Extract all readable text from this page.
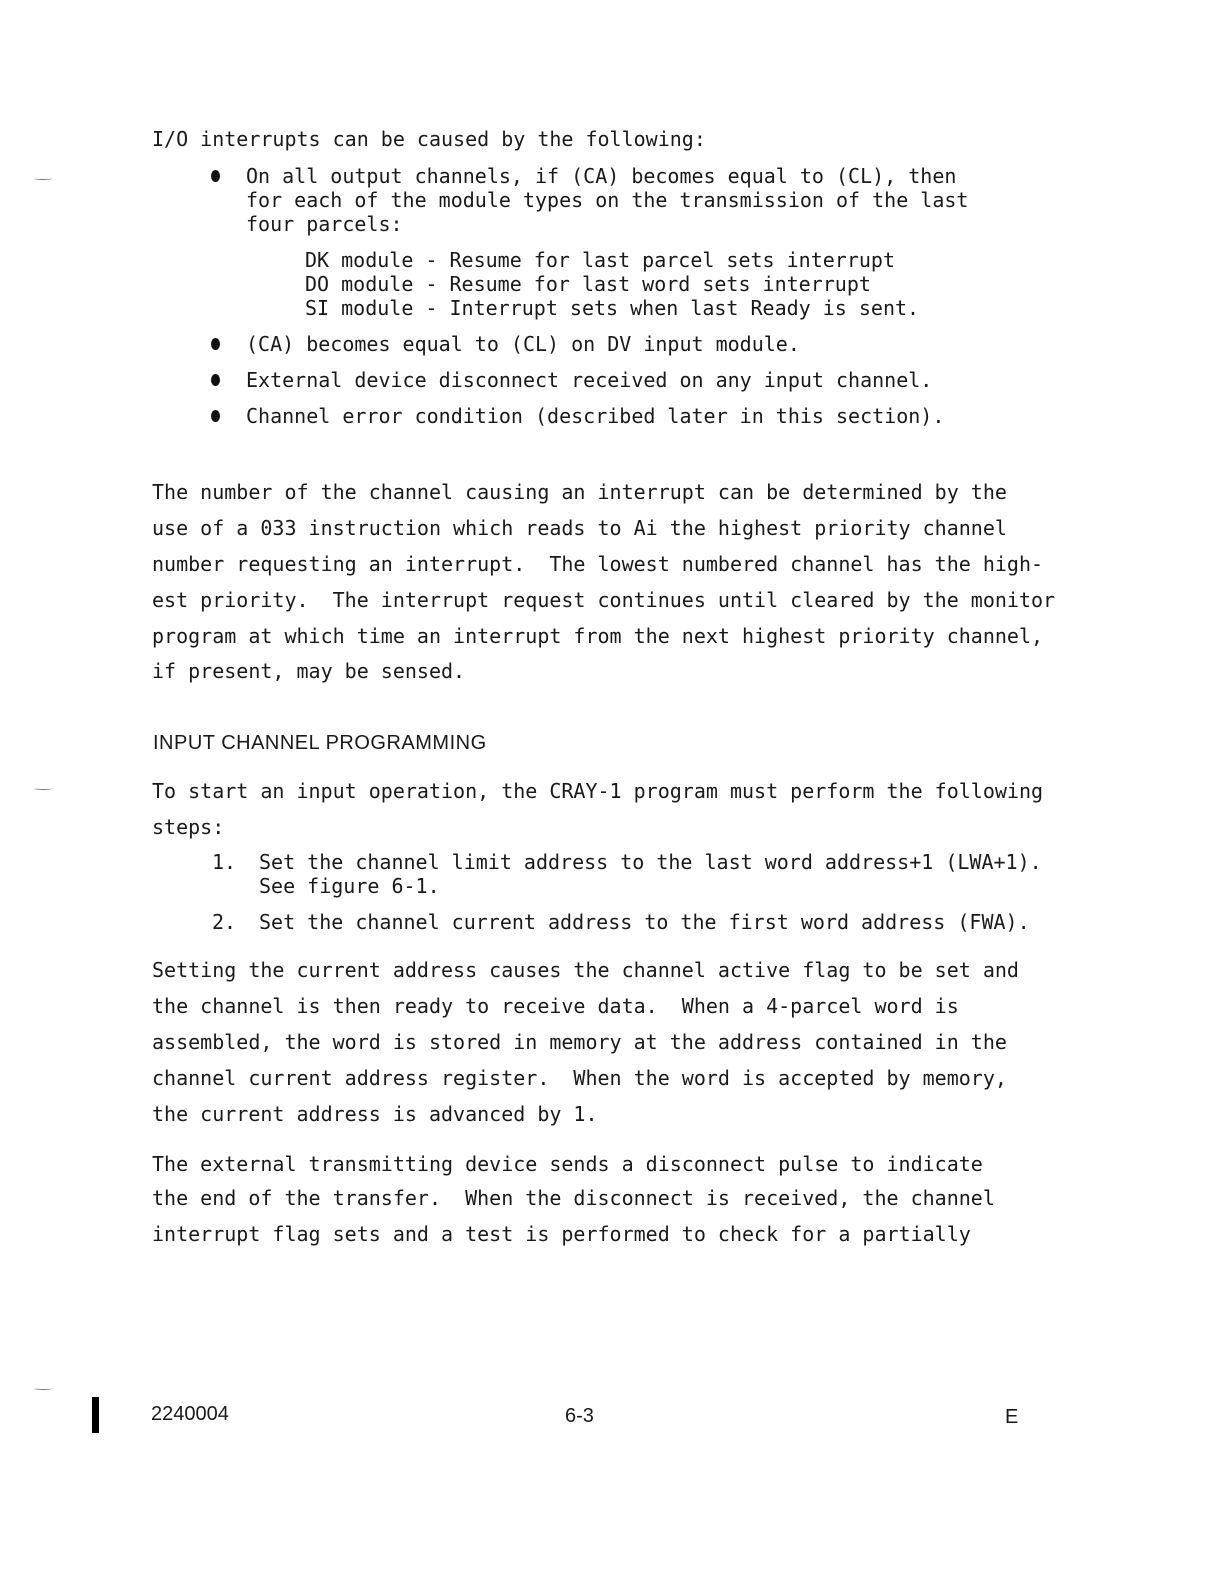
I/O interrupts can be caused by the following:
On all output channels, if (CA) becomes equal to (CL), then
for each of the module types on the transmission of the last
four parcels:
DK module - Resume for last parcel sets interrupt
DO module - Resume for last word sets interrupt
SI module - Interrupt sets when last Ready is sent.
(CA) becomes equal to (CL) on DV input module.
External device disconnect received on any input channel.
Channel error condition (described later in this section).
The number of the channel causing an interrupt can be determined by the
use of a 033 instruction which reads to Ai the highest priority channel
number requesting an interrupt.  The lowest numbered channel has the high-
est priority.  The interrupt request continues until cleared by the monitor
program at which time an interrupt from the next highest priority channel,
if present, may be sensed.
INPUT CHANNEL PROGRAMMING
To start an input operation, the CRAY-1 program must perform the following
steps:
1. Set the channel limit address to the last word address+1 (LWA+1).
See figure 6-1.
2. Set the channel current address to the first word address (FWA).
Setting the current address causes the channel active flag to be set and
the channel is then ready to receive data.  When a 4-parcel word is
assembled, the word is stored in memory at the address contained in the
channel current address register.  When the word is accepted by memory,
the current address is advanced by 1.
The external transmitting device sends a disconnect pulse to indicate
the end of the transfer.  When the disconnect is received, the channel
interrupt flag sets and a test is performed to check for a partially
2240004	6-3	E
